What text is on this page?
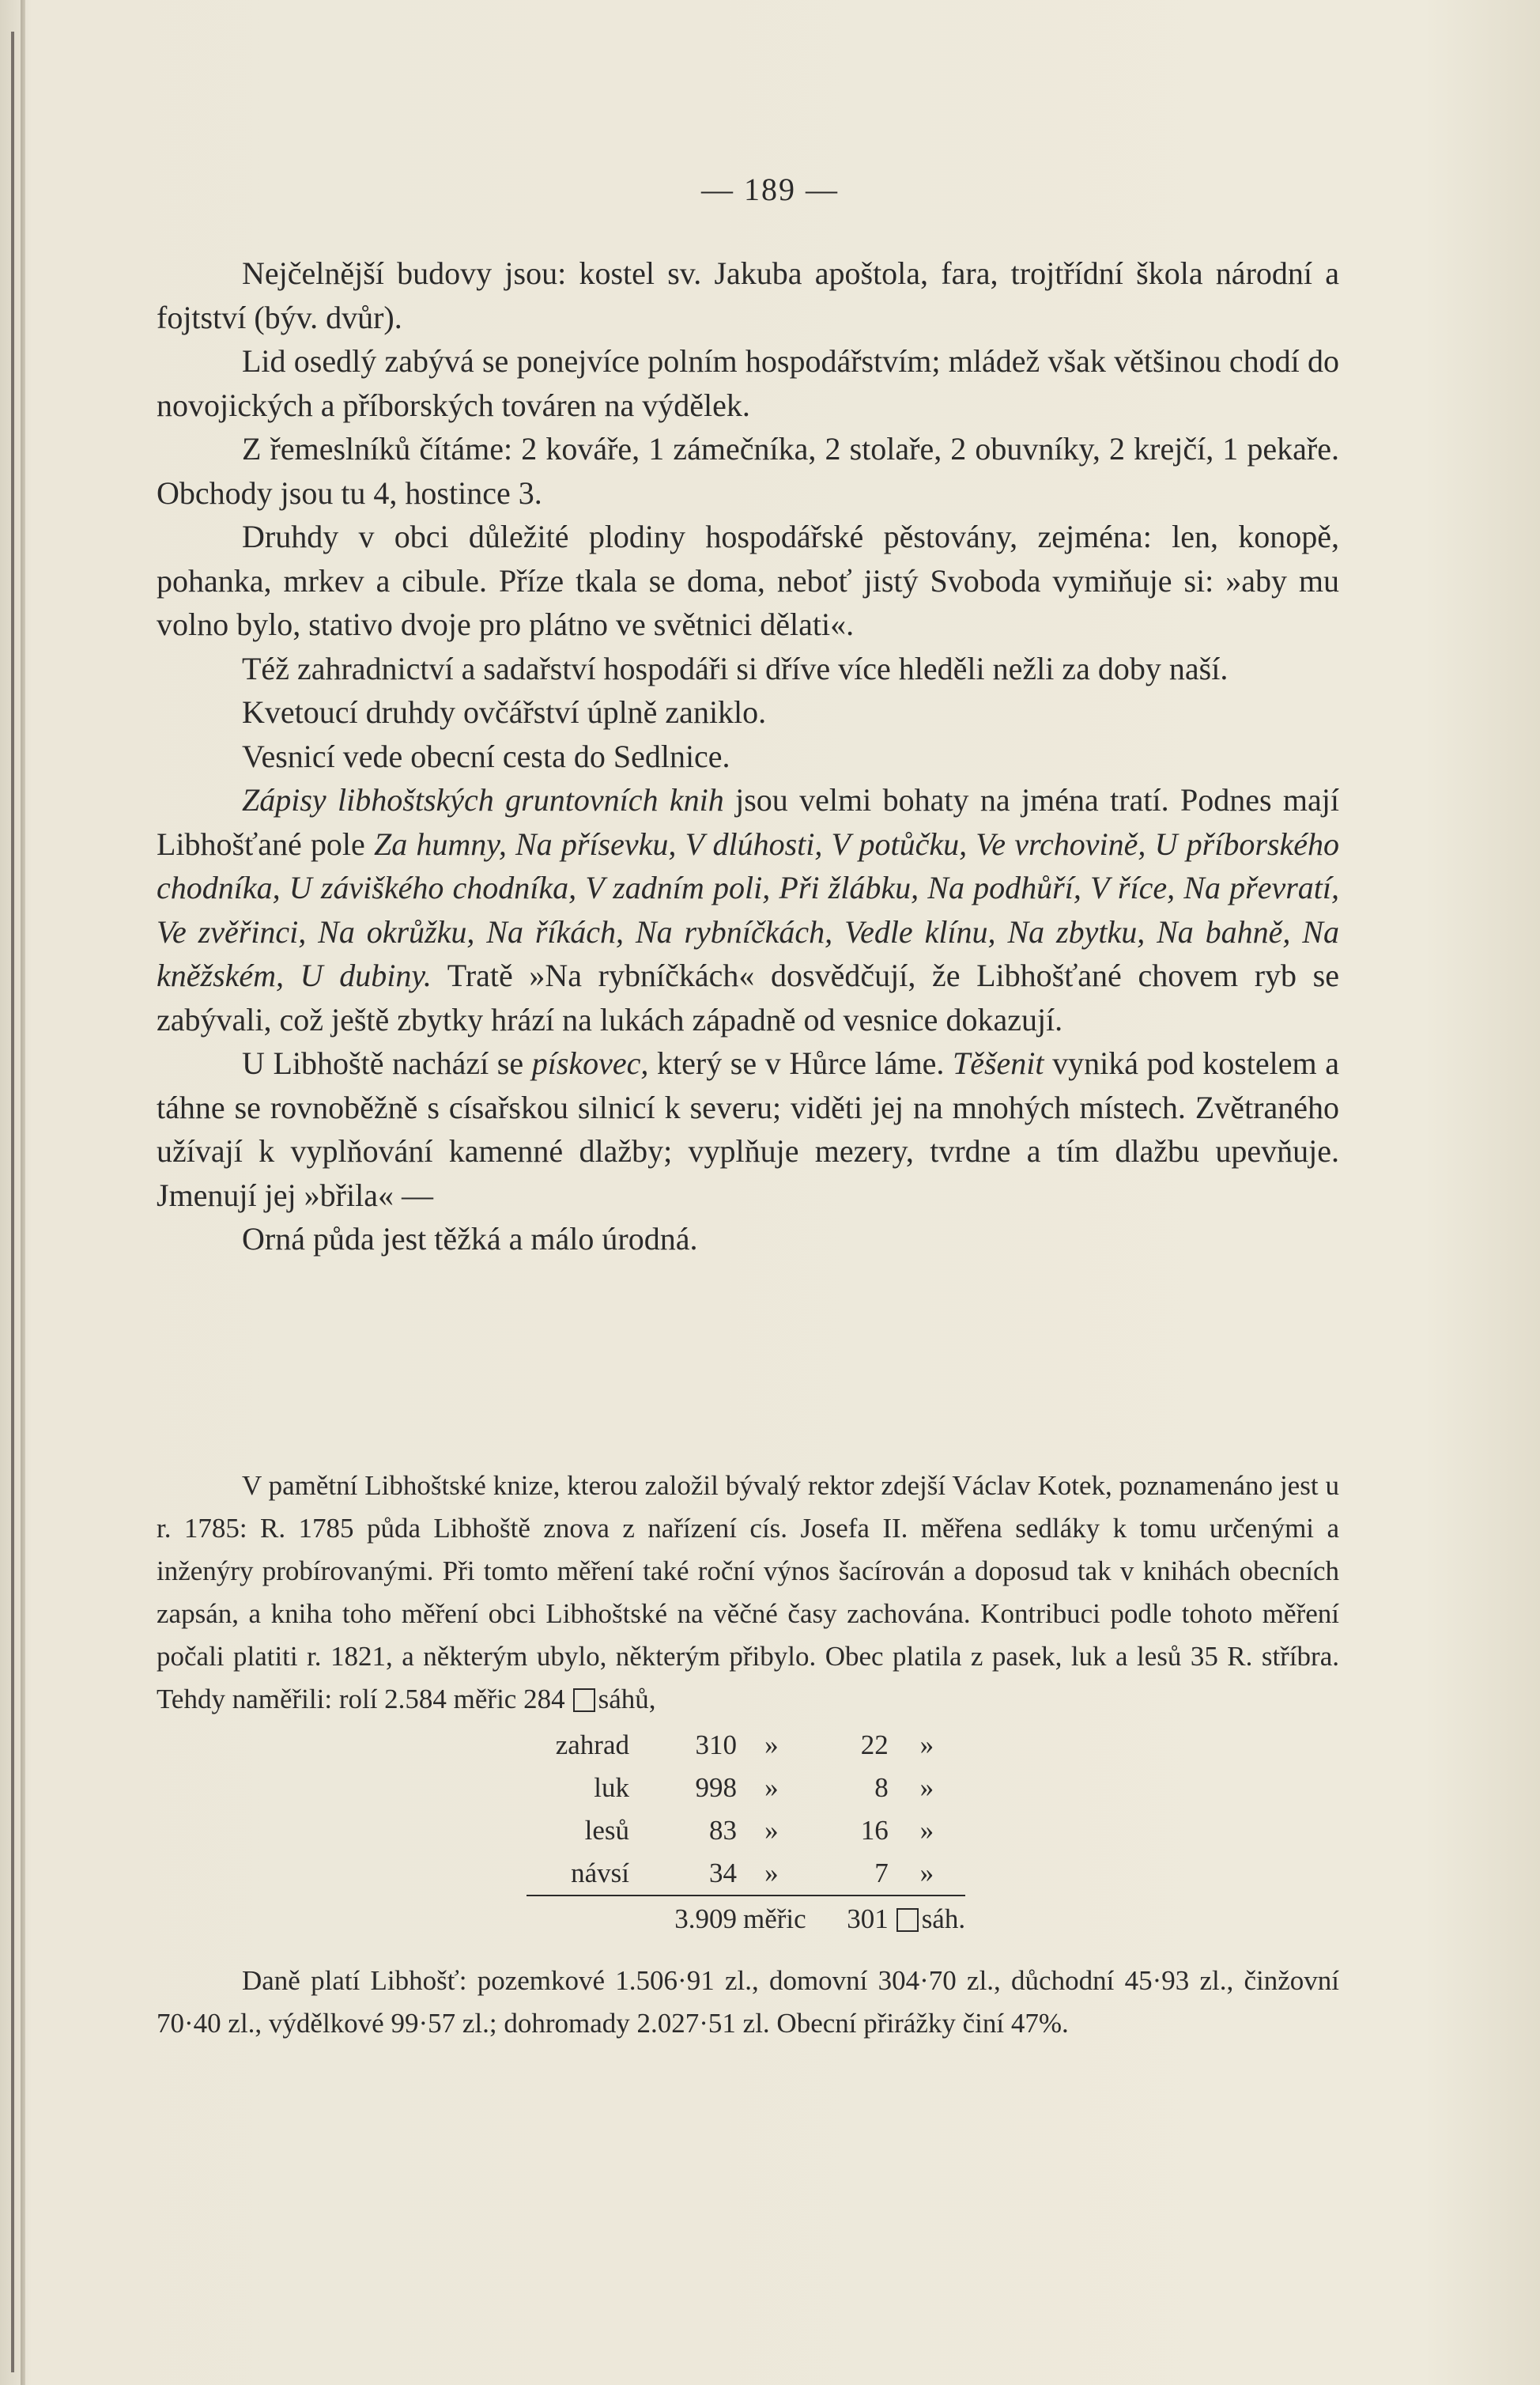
— 189 —

Nejčelnější budovy jsou: kostel sv. Jakuba apoštola, fara, trojtřídní škola národní a fojtství (býv. dvůr).

Lid osedlý zabývá se ponejvíce polním hospodářstvím; mládež však většinou chodí do novojických a příborských továren na výdělek.

Z řemeslníků čítáme: 2 kováře, 1 zámečníka, 2 stolaře, 2 obuvníky, 2 krejčí, 1 pekaře. Obchody jsou tu 4, hostince 3.

Druhdy v obci důležité plodiny hospodářské pěstovány, zejména: len, konopě, pohanka, mrkev a cibule. Příze tkala se doma, neboť jistý Svoboda vymiňuje si: »aby mu volno bylo, stativo dvoje pro plátno ve světnici dělati«.

Též zahradnictví a sadařství hospodáři si dříve více hleděli nežli za doby naší.

Kvetoucí druhdy ovčářství úplně zaniklo.

Vesnicí vede obecní cesta do Sedlnice.

Zápisy libhoštských gruntovních knih jsou velmi bohaty na jména tratí. Podnes mají Libhošťané pole Za humny, Na přísevku, V dlúhosti, V potůčku, Ve vrchovině, U příborského chodníka, U záviškého chodníka, V zadním poli, Při žlábku, Na podhůří, V říce, Na převratí, Ve zvěřinci, Na okrůžku, Na říkách, Na rybníčkách, Vedle klínu, Na zbytku, Na bahně, Na kněžském, U dubiny. Tratě »Na rybníčkách« dosvědčují, že Libhošťané chovem ryb se zabývali, což ještě zbytky hrází na lukách západně od vesnice dokazují.

U Libhoště nachází se pískovec, který se v Hůrce láme. Těšenit vyniká pod kostelem a táhne se rovnoběžně s císařskou silnicí k severu; viděti jej na mnohých místech. Zvětraného užívají k vyplňování kamenné dlažby; vyplňuje mezery, tvrdne a tím dlažbu upevňuje. Jmenují jej »břila« —

Orná půda jest těžká a málo úrodná.

V pamětní Libhoštské knize, kterou založil bývalý rektor zdejší Václav Kotek, poznamenáno jest u r. 1785: R. 1785 půda Libhoště znova z nařízení cís. Josefa II. měřena sedláky k tomu určenými a inženýry probírovanými. Při tomto měření také roční výnos šacírován a doposud tak v knihách obecních zapsán, a kniha toho měření obci Libhoštské na věčné časy zachována. Kontribuci podle tohoto měření počali platiti r. 1821, a některým ubylo, některým přibylo. Obec platila z pasek, luk a lesů 35 R. stříbra. Tehdy naměřili: rolí 2.584 měřic 284 sáhů,

zahrad	310	»	22	»
luk	998	»	8	»
lesů	83	»	16	»
návsí	34	»	7	»
	3.909	měřic	301	sáh.

Daně platí Libhošť: pozemkové 1.506·91 zl., domovní 304·70 zl., důchodní 45·93 zl., činžovní 70·40 zl., výdělkové 99·57 zl.; dohromady 2.027·51 zl. Obecní přirážky činí 47%.
